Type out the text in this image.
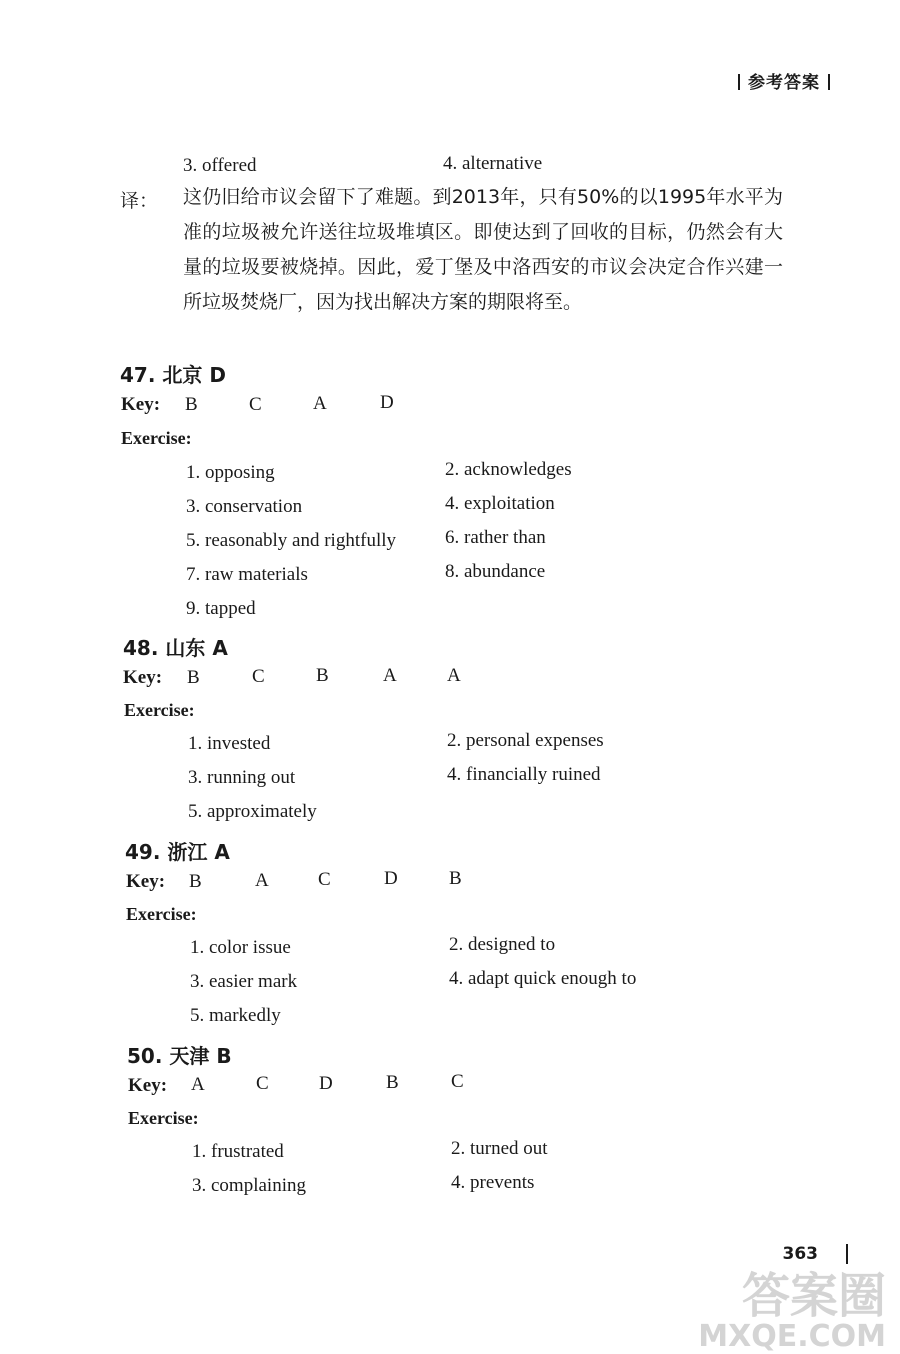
参考答案
3. offered	4. alternative
译： 这仍旧给市议会留下了难题。到2013年，只有50%的以1995年水平为准的垃圾被允许送往垃圾堆填区。即使达到了回收的目标，仍然会有大量的垃圾要被烧掉。因此，爱丁堡及中洛西安的市议会决定合作兴建一所垃圾焚烧厂，因为找出解决方案的期限将至。
47. 北京 D
Key: B	C	A	D
Exercise:
1. opposing	2. acknowledges
3. conservation	4. exploitation
5. reasonably and rightfully	6. rather than
7. raw materials	8. abundance
9. tapped
48. 山东 A
Key: B	C	B	A	A
Exercise:
1. invested	2. personal expenses
3. running out	4. financially ruined
5. approximately
49. 浙江 A
Key: B	A	C	D	B
Exercise:
1. color issue	2. designed to
3. easier mark	4. adapt quick enough to
5. markedly
50. 天津 B
Key: A	C	D	B	C
Exercise:
1. frustrated	2. turned out
3. complaining	4. prevents
363
答案圈
MXQE.COM
